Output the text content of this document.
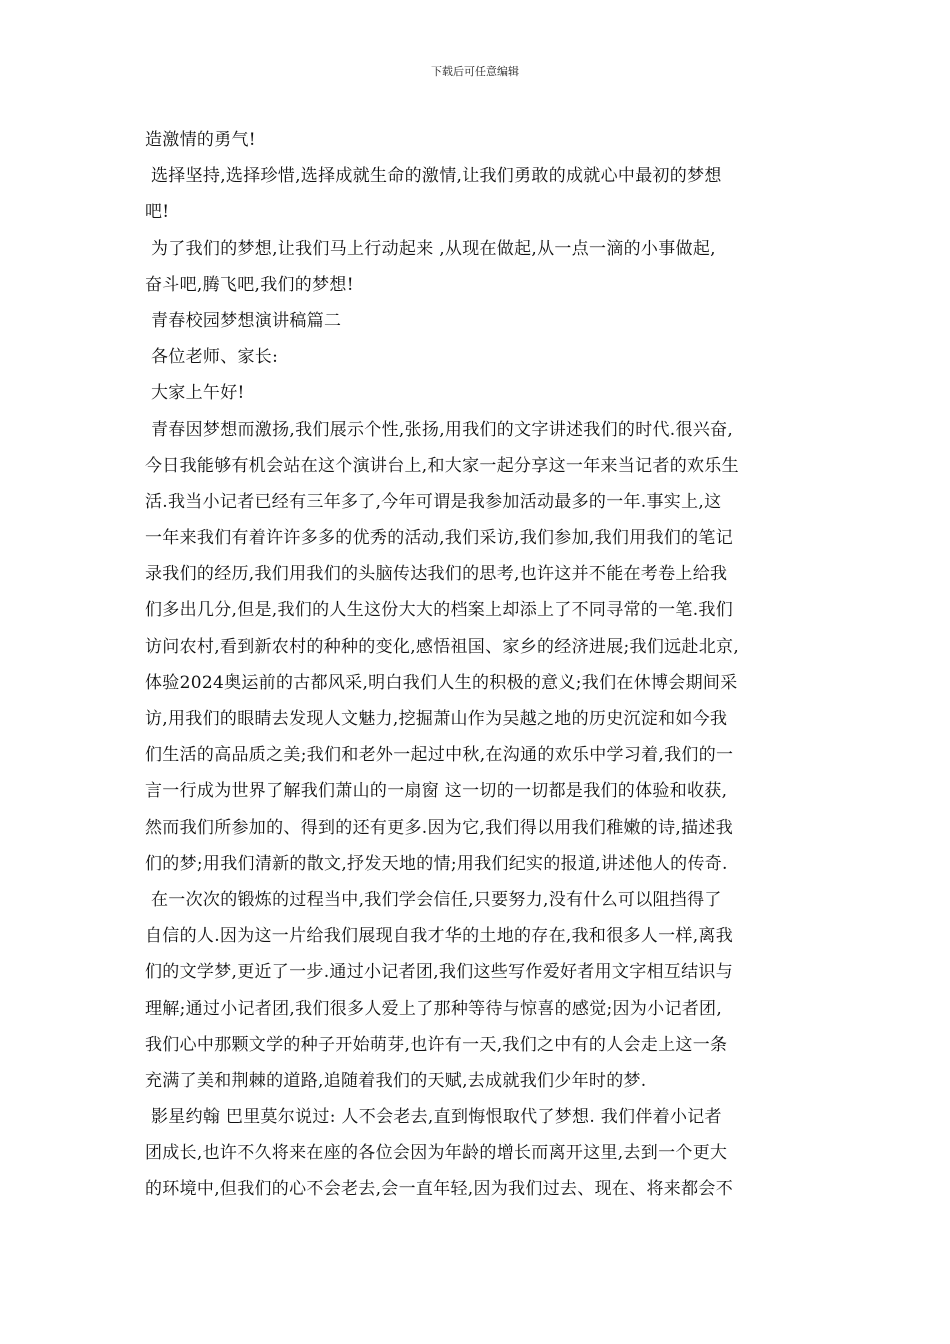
下载后可任意编辑
造激情的勇气!
选择坚持,选择珍惜,选择成就生命的激情,让我们勇敢的成就心中最初的梦想
吧!
为了我们的梦想,让我们马上行动起来 ,从现在做起,从一点一滴的小事做起,
奋斗吧,腾飞吧,我们的梦想!
青春校园梦想演讲稿篇二
各位老师、家长:
大家上午好!
青春因梦想而激扬,我们展示个性,张扬,用我们的文字讲述我们的时代.很兴奋,
今日我能够有机会站在这个演讲台上,和大家一起分享这一年来当记者的欢乐生
活.我当小记者已经有三年多了,今年可谓是我参加活动最多的一年.事实上,这
一年来我们有着许许多多的优秀的活动,我们采访,我们参加,我们用我们的笔记
录我们的经历,我们用我们的头脑传达我们的思考,也许这并不能在考卷上给我
们多出几分,但是,我们的人生这份大大的档案上却添上了不同寻常的一笔.我们
访问农村,看到新农村的种种的变化,感悟祖国、家乡的经济进展;我们远赴北京,
体验2024奥运前的古都风采,明白我们人生的积极的意义;我们在休博会期间采
访,用我们的眼睛去发现人文魅力,挖掘萧山作为吴越之地的历史沉淀和如今我
们生活的高品质之美;我们和老外一起过中秋,在沟通的欢乐中学习着,我们的一
言一行成为世界了解我们萧山的一扇窗 这一切的一切都是我们的体验和收获,
然而我们所参加的、得到的还有更多.因为它,我们得以用我们稚嫩的诗,描述我
们的梦;用我们清新的散文,抒发天地的情;用我们纪实的报道,讲述他人的传奇.
在一次次的锻炼的过程当中,我们学会信任,只要努力,没有什么可以阻挡得了
自信的人.因为这一片给我们展现自我才华的土地的存在,我和很多人一样,离我
们的文学梦,更近了一步.通过小记者团,我们这些写作爱好者用文字相互结识与
理解;通过小记者团,我们很多人爱上了那种等待与惊喜的感觉;因为小记者团,
我们心中那颗文学的种子开始萌芽,也许有一天,我们之中有的人会走上这一条
充满了美和荆棘的道路,追随着我们的天赋,去成就我们少年时的梦.
影星约翰 巴里莫尔说过: 人不会老去,直到悔恨取代了梦想. 我们伴着小记者
团成长,也许不久将来在座的各位会因为年龄的增长而离开这里,去到一个更大
的环境中,但我们的心不会老去,会一直年轻,因为我们过去、现在、将来都会不
